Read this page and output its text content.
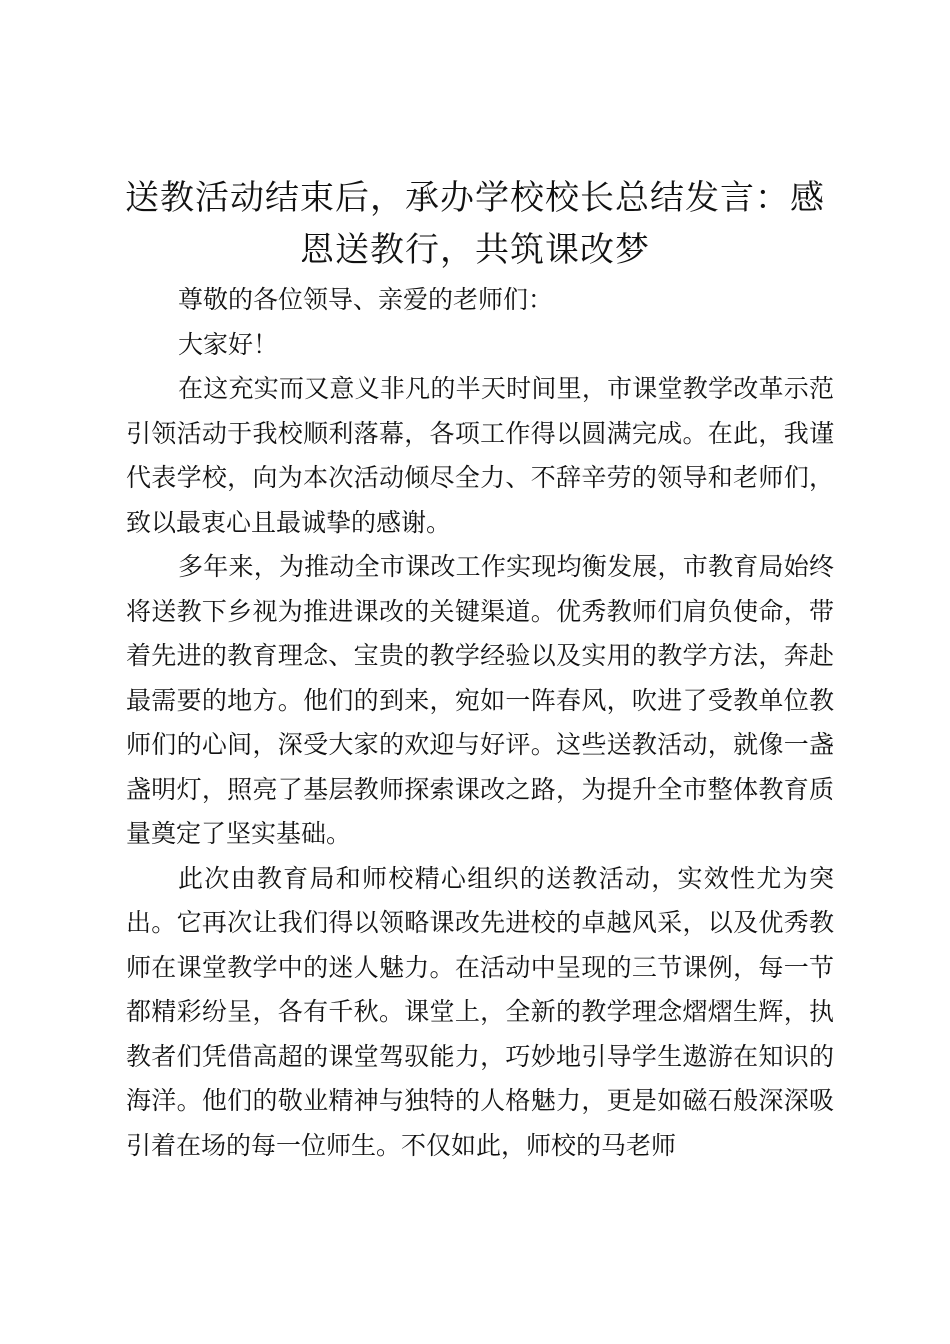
送教活动结束后，承办学校校长总结发言：感恩送教行，共筑课改梦

尊敬的各位领导、亲爱的老师们：

大家好！

在这充实而又意义非凡的半天时间里，市课堂教学改革示范引领活动于我校顺利落幕，各项工作得以圆满完成。在此，我谨代表学校，向为本次活动倾尽全力、不辞辛劳的领导和老师们，致以最衷心且最诚挚的感谢。

多年来，为推动全市课改工作实现均衡发展，市教育局始终将送教下乡视为推进课改的关键渠道。优秀教师们肩负使命，带着先进的教育理念、宝贵的教学经验以及实用的教学方法，奔赴最需要的地方。他们的到来，宛如一阵春风，吹进了受教单位教师们的心间，深受大家的欢迎与好评。这些送教活动，就像一盏盏明灯，照亮了基层教师探索课改之路，为提升全市整体教育质量奠定了坚实基础。

此次由教育局和师校精心组织的送教活动，实效性尤为突出。它再次让我们得以领略课改先进校的卓越风采，以及优秀教师在课堂教学中的迷人魅力。在活动中呈现的三节课例，每一节都精彩纷呈，各有千秋。课堂上，全新的教学理念熠熠生辉，执教者们凭借高超的课堂驾驭能力，巧妙地引导学生遨游在知识的海洋。他们的敬业精神与独特的人格魅力，更是如磁石般深深吸引着在场的每一位师生。不仅如此，师校的马老师
